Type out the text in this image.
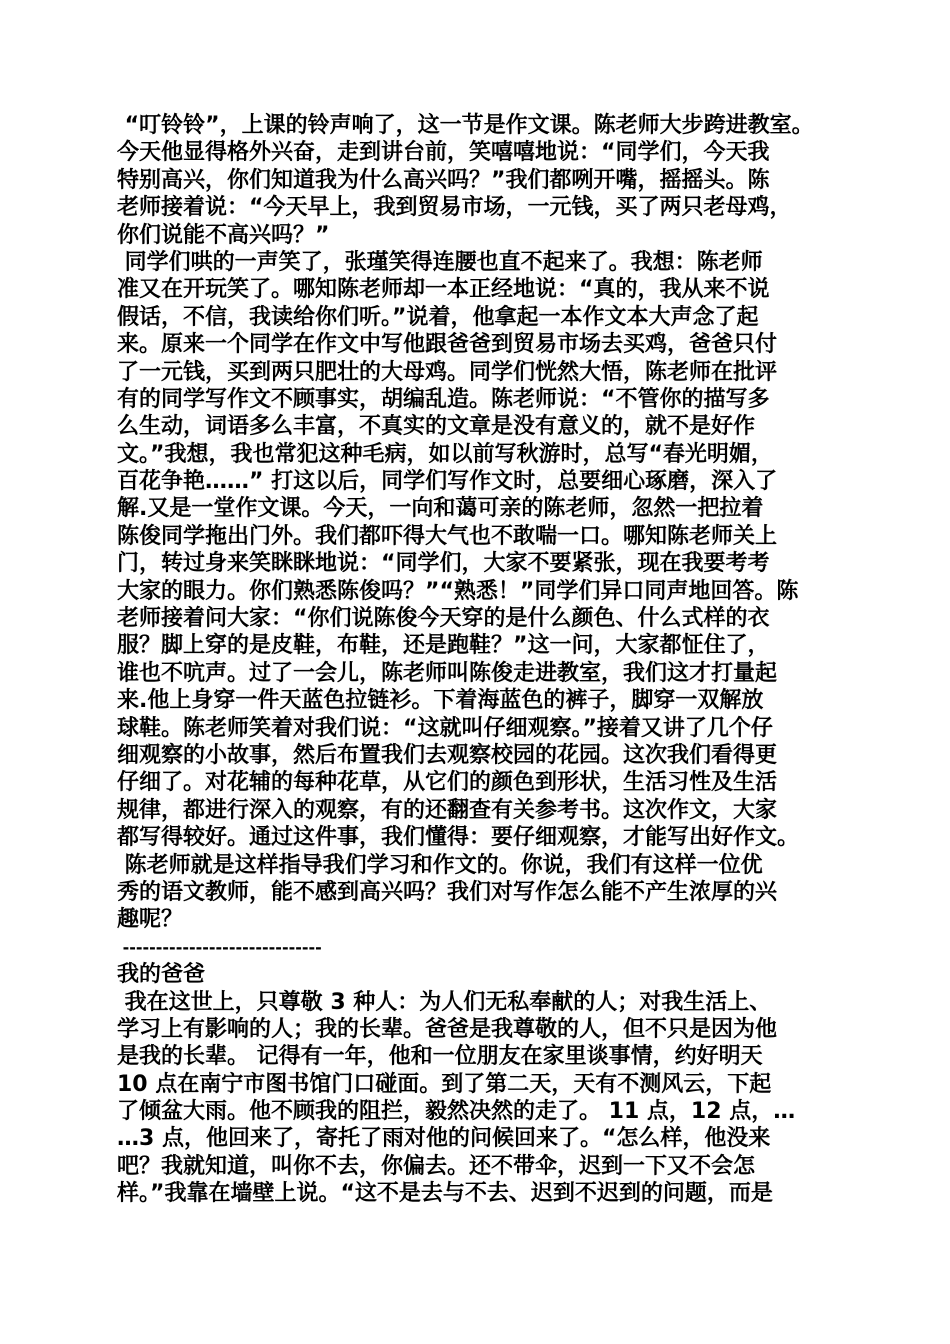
“叮铃铃”，上课的铃声响了，这一节是作文课。陈老师大步跨进教室。
今天他显得格外兴奋，走到讲台前，笑嘻嘻地说：“同学们，今天我
特别高兴，你们知道我为什么高兴吗？”我们都咧开嘴，摇摇头。陈
老师接着说：“今天早上，我到贸易市场，一元钱，买了两只老母鸡，
你们说能不高兴吗？”
同学们哄的一声笑了，张瑾笑得连腰也直不起来了。我想：陈老师
准又在开玩笑了。哪知陈老师却一本正经地说：“真的，我从来不说
假话，不信，我读给你们听。”说着，他拿起一本作文本大声念了起
来。原来一个同学在作文中写他跟爸爸到贸易市场去买鸡，爸爸只付
了一元钱，买到两只肥壮的大母鸡。同学们恍然大悟，陈老师在批评
有的同学写作文不顾事实，胡编乱造。陈老师说：“不管你的描写多
么生动，词语多么丰富，不真实的文章是没有意义的，就不是好作
文。”我想，我也常犯这种毛病，如以前写秋游时，总写“春光明媚，
百花争艳……” 打这以后，同学们写作文时，总要细心琢磨，深入了
解.又是一堂作文课。今天，一向和蔼可亲的陈老师，忽然一把拉着
陈俊同学拖出门外。我们都吓得大气也不敢喘一口。哪知陈老师关上
门，转过身来笑眯眯地说：“同学们，大家不要紧张，现在我要考考
大家的眼力。你们熟悉陈俊吗？”“熟悉！”同学们异口同声地回答。陈
老师接着问大家：“你们说陈俊今天穿的是什么颜色、什么式样的衣
服？脚上穿的是皮鞋，布鞋，还是跑鞋？”这一问，大家都怔住了，
谁也不吭声。过了一会儿，陈老师叫陈俊走进教室，我们这才打量起
来.他上身穿一件天蓝色拉链衫。下着海蓝色的裤子，脚穿一双解放
球鞋。陈老师笑着对我们说：“这就叫仔细观察。”接着又讲了几个仔
细观察的小故事，然后布置我们去观察校园的花园。这次我们看得更
仔细了。对花辅的每种花草，从它们的颜色到形状，生活习性及生活
规律，都进行深入的观察，有的还翻查有关参考书。这次作文，大家
都写得较好。通过这件事，我们懂得：要仔细观察，才能写出好作文。
陈老师就是这样指导我们学习和作文的。你说，我们有这样一位优
秀的语文教师，能不感到高兴吗？我们对写作怎么能不产生浓厚的兴
趣呢？
------------------------------
我的爸爸
我在这世上，只尊敬 3 种人：为人们无私奉献的人；对我生活上、
学习上有影响的人；我的长辈。爸爸是我尊敬的人，但不只是因为他
是我的长辈。 记得有一年，他和一位朋友在家里谈事情，约好明天
10 点在南宁市图书馆门口碰面。到了第二天，天有不测风云，下起
了倾盆大雨。他不顾我的阻拦，毅然决然的走了。 11 点，12 点，…
…3 点，他回来了，寄托了雨对他的问候回来了。“怎么样，他没来
吧？我就知道，叫你不去，你偏去。还不带伞，迟到一下又不会怎
样。”我靠在墙壁上说。“这不是去与不去、迟到不迟到的问题，而是
